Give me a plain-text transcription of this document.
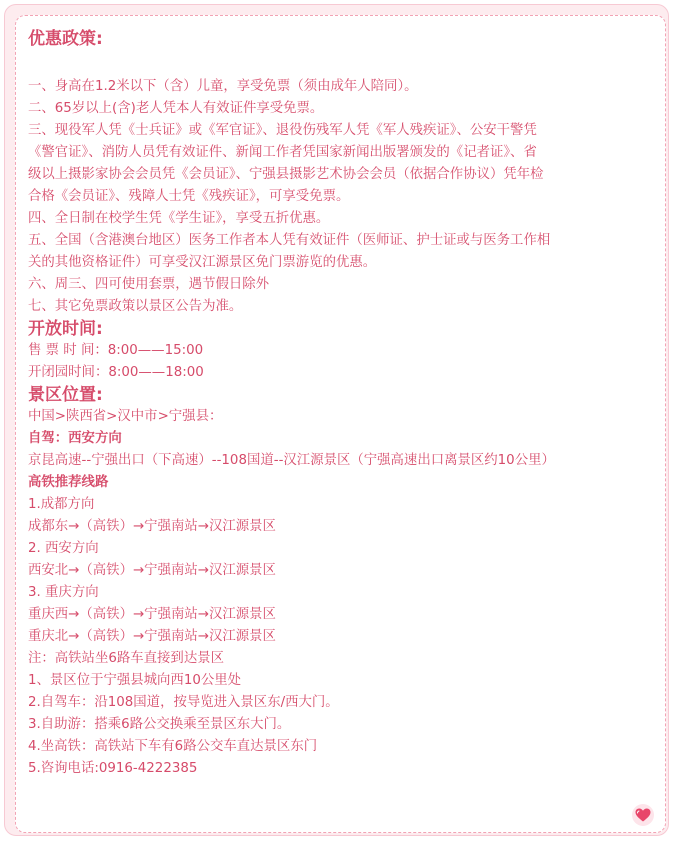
优惠政策:
一、身高在1.2米以下（含）儿童，享受免票（须由成年人陪同）。
二、65岁以上(含)老人凭本人有效证件享受免票。
三、现役军人凭《士兵证》或《军官证》、退役伤残军人凭《军人残疾证》、公安干警凭
《警官证》、消防人员凭有效证件、新闻工作者凭国家新闻出版署颁发的《记者证》、省
级以上摄影家协会会员凭《会员证》、宁强县摄影艺术协会会员（依据合作协议）凭年检
合格《会员证》、残障人士凭《残疾证》，可享受免票。
四、全日制在校学生凭《学生证》，享受五折优惠。
五、全国（含港澳台地区）医务工作者本人凭有效证件（医师证、护士证或与医务工作相
关的其他资格证件）可享受汉江源景区免门票游览的优惠。
六、周三、四可使用套票，遇节假日除外
七、其它免票政策以景区公告为准。
开放时间:
售 票 时 间：8:00——15:00
开闭园时间：8:00——18:00
景区位置:
中国>陕西省>汉中市>宁强县：
自驾：西安方向
京昆高速--宁强出口（下高速）--108国道--汉江源景区（宁强高速出口离景区约10公里）
高铁推荐线路
1.成都方向
成都东→（高铁）→宁强南站→汉江源景区
2. 西安方向
西安北→（高铁）→宁强南站→汉江源景区
3. 重庆方向
重庆西→（高铁）→宁强南站→汉江源景区
重庆北→（高铁）→宁强南站→汉江源景区
注：高铁站坐6路车直接到达景区
1、景区位于宁强县城向西10公里处
2.自驾车：沿108国道，按导览进入景区东/西大门。
3.自助游：搭乘6路公交换乘至景区东大门。
4.坐高铁：高铁站下车有6路公交车直达景区东门
5.咨询电话:0916-4222385
